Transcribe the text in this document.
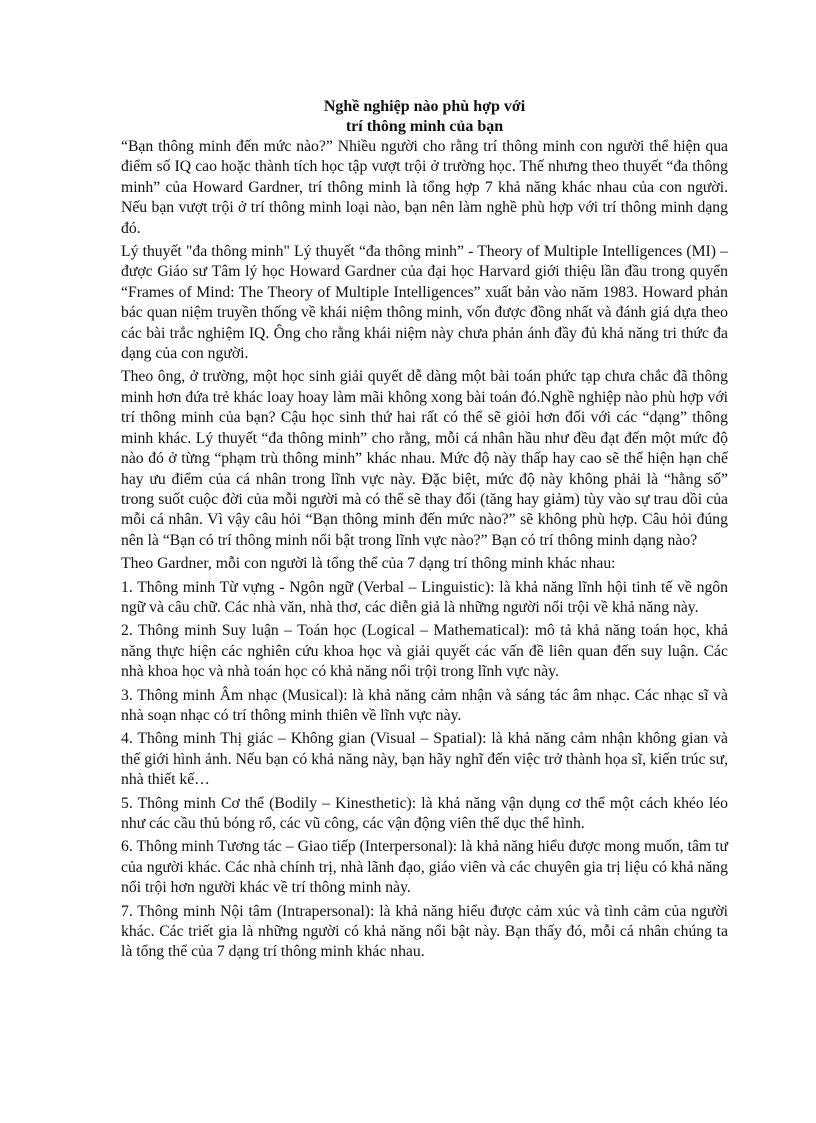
Nghề nghiệp nào phù hợp với
trí thông minh của bạn

“Bạn thông minh đến mức nào?” Nhiều người cho rằng trí thông minh con người thể hiện qua điểm số IQ cao hoặc thành tích học tập vượt trội ở trường học. Thế nhưng theo thuyết “đa thông minh” của Howard Gardner, trí thông minh là tổng hợp 7 khả năng khác nhau của con người. Nếu bạn vượt trội ở trí thông minh loại nào, bạn nên làm nghề phù hợp với trí thông minh dạng đó.

Lý thuyết "đa thông minh" Lý thuyết “đa thông minh” - Theory of Multiple Intelligences (MI) – được Giáo sư Tâm lý học Howard Gardner của đại học Harvard giới thiệu lần đầu trong quyển “Frames of Mind: The Theory of Multiple Intelligences” xuất bản vào năm 1983. Howard phản bác quan niệm truyền thống về khái niệm thông minh, vốn được đồng nhất và đánh giá dựa theo các bài trắc nghiệm IQ. Ông cho rằng khái niệm này chưa phản ánh đầy đủ khả năng tri thức đa dạng của con người.

Theo ông, ở trường, một học sinh giải quyết dễ dàng một bài toán phức tạp chưa chắc đã thông minh hơn đứa trẻ khác loay hoay làm mãi không xong bài toán đó.Nghề nghiệp nào phù hợp với trí thông minh của bạn? Cậu học sinh thứ hai rất có thể sẽ giỏi hơn đối với các “dạng” thông minh khác. Lý thuyết “đa thông minh” cho rằng, mỗi cá nhân hầu như đều đạt đến một mức độ nào đó ở từng “phạm trù thông minh” khác nhau. Mức độ này thấp hay cao sẽ thể hiện hạn chế hay ưu điểm của cá nhân trong lĩnh vực này. Đặc biệt, mức độ này không phải là “hằng số” trong suốt cuộc đời của mỗi người mà có thể sẽ thay đổi (tăng hay giảm) tùy vào sự trau dồi của mỗi cá nhân. Vì vậy câu hỏi “Bạn thông minh đến mức nào?” sẽ không phù hợp. Câu hỏi đúng nên là “Bạn có trí thông minh nổi bật trong lĩnh vực nào?” Bạn có trí thông minh dạng nào?

Theo Gardner, mỗi con người là tổng thể của 7 dạng trí thông minh khác nhau:

1. Thông minh Từ vựng - Ngôn ngữ (Verbal – Linguistic): là khả năng lĩnh hội tinh tế về ngôn ngữ và câu chữ. Các nhà văn, nhà thơ, các diễn giả là những người nổi trội về khả năng này.

2. Thông minh Suy luận – Toán học (Logical – Mathematical): mô tả khả năng toán học, khả năng thực hiện các nghiên cứu khoa học và giải quyết các vấn đề liên quan đến suy luận. Các nhà khoa học và nhà toán học có khả năng nổi trội trong lĩnh vực này.

3. Thông minh Âm nhạc (Musical): là khả năng cảm nhận và sáng tác âm nhạc. Các nhạc sĩ và nhà soạn nhạc có trí thông minh thiên về lĩnh vực này.

4. Thông minh Thị giác – Không gian (Visual – Spatial): là khả năng cảm nhận không gian và thế giới hình ảnh. Nếu bạn có khả năng này, bạn hãy nghĩ đến việc trở thành họa sĩ, kiến trúc sư, nhà thiết kế…

5. Thông minh Cơ thể (Bodily – Kinesthetic): là khả năng vận dụng cơ thể một cách khéo léo như các cầu thủ bóng rổ, các vũ công, các vận động viên thể dục thể hình.

6. Thông minh Tương tác – Giao tiếp (Interpersonal): là khả năng hiểu được mong muốn, tâm tư của người khác. Các nhà chính trị, nhà lãnh đạo, giáo viên và các chuyên gia trị liệu có khả năng nổi trội hơn người khác về trí thông minh này.

7. Thông minh Nội tâm (Intrapersonal): là khả năng hiểu được cảm xúc và tình cảm của người khác. Các triết gia là những người có khả năng nổi bật này. Bạn thấy đó, mỗi cá nhân chúng ta là tổng thể của 7 dạng trí thông minh khác nhau.
